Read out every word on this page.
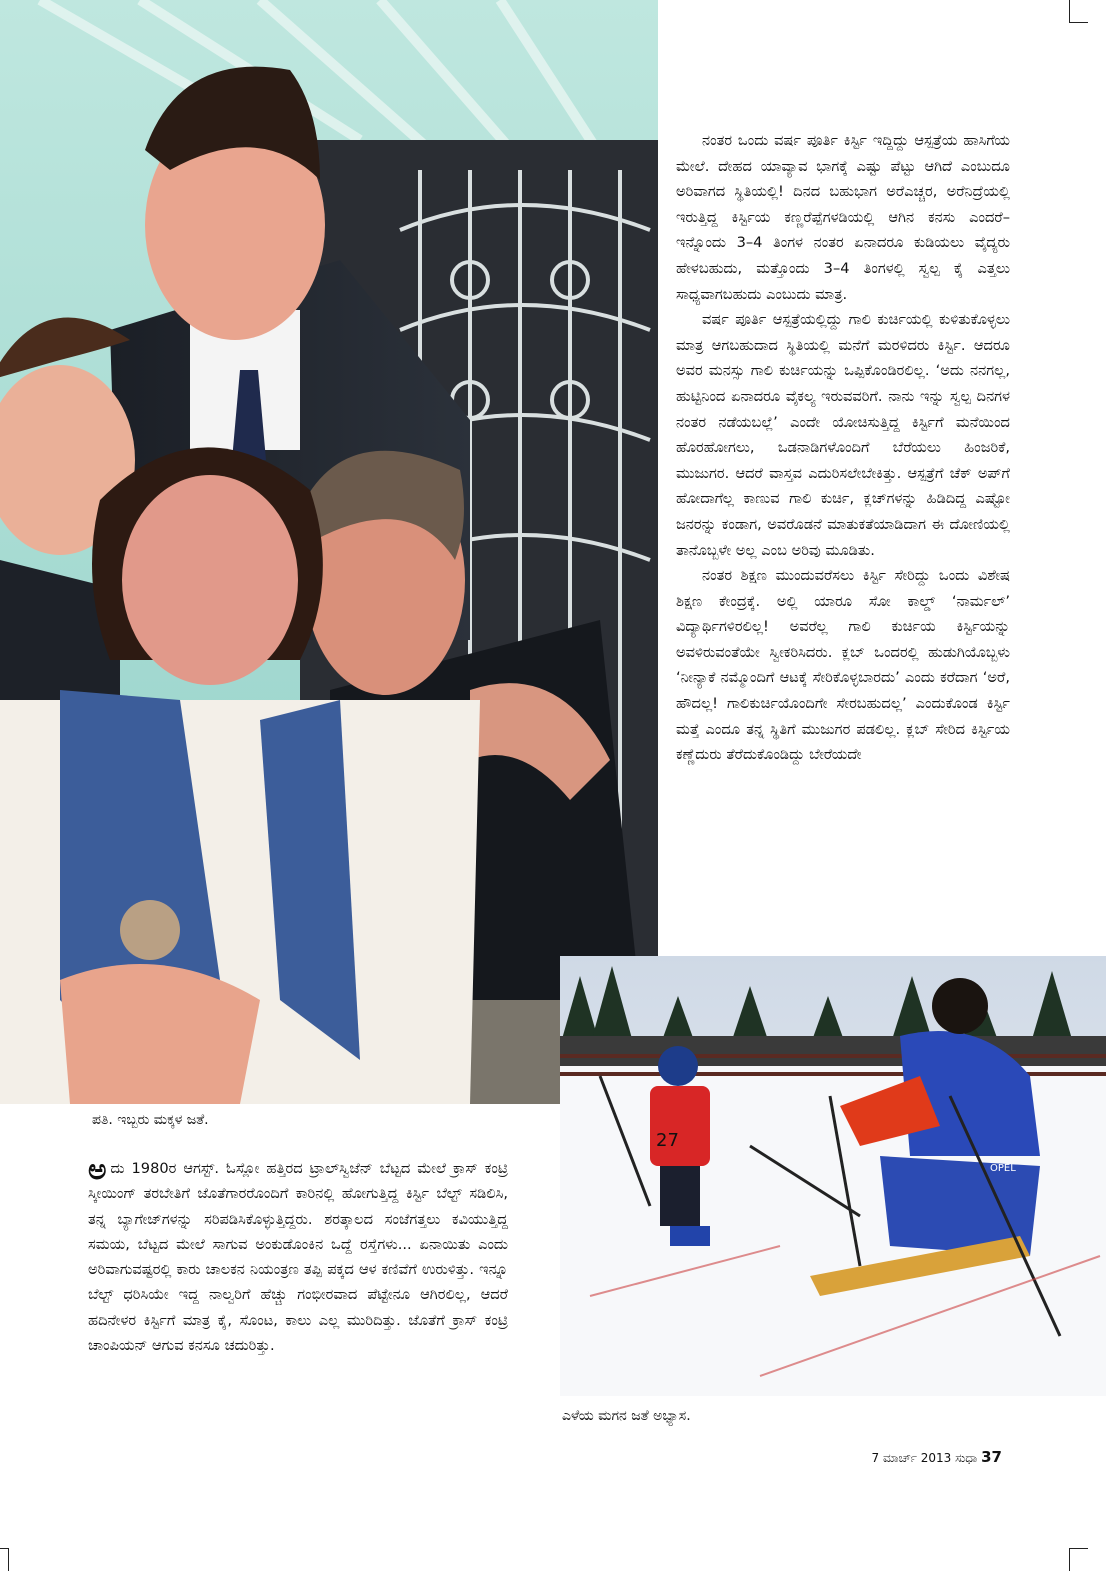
ನಂತರ ಒಂದು ವರ್ಷ ಪೂರ್ತಿ ಕಿರ್ಸ್ಟಿ ಇದ್ದಿದ್ದು ಆಸ್ಪತ್ರೆಯ ಹಾಸಿಗೆಯ ಮೇಲೆ. ದೇಹದ ಯಾವ್ಯಾವ ಭಾಗಕ್ಕೆ ಎಷ್ಟು ಪೆಟ್ಟು ಆಗಿದೆ ಎಂಬುದೂ ಅರಿವಾಗದ ಸ್ಥಿತಿಯಲ್ಲಿ! ದಿನದ ಬಹುಭಾಗ ಅರೆಎಚ್ಚರ, ಅರೆನಿದ್ರೆಯಲ್ಲಿ ಇರುತ್ತಿದ್ದ ಕಿರ್ಸ್ಟಿಯ ಕಣ್ಣರೆಪ್ಪೆಗಳಡಿಯಲ್ಲಿ ಆಗಿನ ಕನಸು ಎಂದರೆ– ಇನ್ನೊಂದು 3–4 ತಿಂಗಳ ನಂತರ ಏನಾದರೂ ಕುಡಿಯಲು ವೈದ್ಯರು ಹೇಳಬಹುದು, ಮತ್ತೊಂದು 3–4 ತಿಂಗಳಲ್ಲಿ ಸ್ವಲ್ಪ ಕೈ ಎತ್ತಲು ಸಾಧ್ಯವಾಗಬಹುದು ಎಂಬುದು ಮಾತ್ರ.

ವರ್ಷ ಪೂರ್ತಿ ಆಸ್ಪತ್ರೆಯಲ್ಲಿದ್ದು ಗಾಲಿ ಕುರ್ಚಿಯಲ್ಲಿ ಕುಳಿತುಕೊಳ್ಳಲು ಮಾತ್ರ ಆಗಬಹುದಾದ ಸ್ಥಿತಿಯಲ್ಲಿ ಮನೆಗೆ ಮರಳಿದರು ಕಿರ್ಸ್ಟಿ. ಆದರೂ ಅವರ ಮನಸ್ಸು ಗಾಲಿ ಕುರ್ಚಿಯನ್ನು ಒಪ್ಪಿಕೊಂಡಿರಲಿಲ್ಲ. ‘ಅದು ನನಗಲ್ಲ, ಹುಟ್ಟಿನಿಂದ ಏನಾದರೂ ವೈಕಲ್ಯ ಇರುವವರಿಗೆ. ನಾನು ಇನ್ನು ಸ್ವಲ್ಪ ದಿನಗಳ ನಂತರ ನಡೆಯಬಲ್ಲೆ’ ಎಂದೇ ಯೋಚಿಸುತ್ತಿದ್ದ ಕಿರ್ಸ್ಟಿಗೆ ಮನೆಯಿಂದ ಹೊರಹೋಗಲು, ಒಡನಾಡಿಗಳೊಂದಿಗೆ ಬೆರೆಯಲು ಹಿಂಜರಿಕೆ, ಮುಜುಗರ. ಆದರೆ ವಾಸ್ತವ ಎದುರಿಸಲೇಬೇಕಿತ್ತು. ಆಸ್ಪತ್ರೆಗೆ ಚೆಕ್ ಅಪ್‌ಗೆ ಹೋದಾಗೆಲ್ಲ ಕಾಣುವ ಗಾಲಿ ಕುರ್ಚಿ, ಕ್ಲಚ್‌ಗಳನ್ನು ಹಿಡಿದಿದ್ದ ಎಷ್ಟೋ ಜನರನ್ನು ಕಂಡಾಗ, ಅವರೊಡನೆ ಮಾತುಕತೆಯಾಡಿದಾಗ ಈ ದೋಣಿಯಲ್ಲಿ ತಾನೊಬ್ಬಳೇ ಅಲ್ಲ ಎಂಬ ಅರಿವು ಮೂಡಿತು.

ನಂತರ ಶಿಕ್ಷಣ ಮುಂದುವರೆಸಲು ಕಿರ್ಸ್ಟಿ ಸೇರಿದ್ದು ಒಂದು ವಿಶೇಷ ಶಿಕ್ಷಣ ಕೇಂದ್ರಕ್ಕೆ. ಅಲ್ಲಿ ಯಾರೂ ಸೋ ಕಾಲ್ಡ್ ‘ನಾರ್ಮಲ್’ ವಿದ್ಯಾರ್ಥಿಗಳಿರಲಿಲ್ಲ! ಅವರೆಲ್ಲ ಗಾಲಿ ಕುರ್ಚಿಯ ಕಿರ್ಸ್ಟಿಯನ್ನು ಅವಳಿರುವಂತೆಯೇ ಸ್ವೀಕರಿಸಿದರು. ಕ್ಲಬ್ ಒಂದರಲ್ಲಿ ಹುಡುಗಿಯೊಬ್ಬಳು ‘ನೀನ್ಯಾಕೆ ನಮ್ಮೊಂದಿಗೆ ಆಟಕ್ಕೆ ಸೇರಿಕೊಳ್ಳಬಾರದು’ ಎಂದು ಕರೆದಾಗ ‘ಅರೆ, ಹೌದಲ್ಲ! ಗಾಲಿಕುರ್ಚಿಯೊಂದಿಗೇ ಸೇರಬಹುದಲ್ಲ’ ಎಂದುಕೊಂಡ ಕಿರ್ಸ್ಟಿ ಮತ್ತೆ ಎಂದೂ ತನ್ನ ಸ್ಥಿತಿಗೆ ಮುಜುಗರ ಪಡಲಿಲ್ಲ. ಕ್ಲಬ್ ಸೇರಿದ ಕಿರ್ಸ್ಟಿಯ ಕಣ್ಣೆದುರು ತೆರೆದುಕೊಂಡಿದ್ದು ಬೇರೆಯದೇ

27
OPEL
ಪತಿ. ಇಬ್ಬರು ಮಕ್ಕಳ ಜತೆ.
ಎಳೆಯ ಮಗನ ಜತೆ ಅಭ್ಯಾಸ.

ಅದು 1980ರ ಆಗಸ್ಟ್. ಓಸ್ಲೋ ಹತ್ತಿರದ ಟ್ರಾಲ್‌ಸ್ವಿಜೆನ್ ಬೆಟ್ಟದ ಮೇಲೆ ಕ್ರಾಸ್ ಕಂಟ್ರಿ ಸ್ಕೀಯಿಂಗ್ ತರಬೇತಿಗೆ ಜೊತೆಗಾರರೊಂದಿಗೆ ಕಾರಿನಲ್ಲಿ ಹೋಗುತ್ತಿದ್ದ ಕಿರ್ಸ್ಟಿ ಬೆಲ್ಟ್ ಸಡಿಲಿಸಿ, ತನ್ನ ಬ್ಯಾಗೇಜ್‌ಗಳನ್ನು ಸರಿಪಡಿಸಿಕೊಳ್ಳುತ್ತಿದ್ದರು. ಶರತ್ಕಾಲದ ಸಂಜೆಗತ್ತಲು ಕವಿಯುತ್ತಿದ್ದ ಸಮಯ, ಬೆಟ್ಟದ ಮೇಲೆ ಸಾಗುವ ಅಂಕುಡೊಂಕಿನ ಒದ್ದೆ ರಸ್ತೆಗಳು... ಏನಾಯಿತು ಎಂದು ಅರಿವಾಗುವಷ್ಟರಲ್ಲಿ ಕಾರು ಚಾಲಕನ ನಿಯಂತ್ರಣ ತಪ್ಪಿ ಪಕ್ಕದ ಆಳ ಕಣಿವೆಗೆ ಉರುಳಿತ್ತು. ಇನ್ನೂ ಬೆಲ್ಟ್ ಧರಿಸಿಯೇ ಇದ್ದ ನಾಲ್ವರಿಗೆ ಹೆಚ್ಚು ಗಂಭೀರವಾದ ಪೆಟ್ಟೇನೂ ಆಗಿರಲಿಲ್ಲ, ಆದರೆ ಹದಿನೇಳರ ಕಿರ್ಸ್ಟಿಗೆ ಮಾತ್ರ ಕೈ, ಸೊಂಟ, ಕಾಲು ಎಲ್ಲ ಮುರಿದಿತ್ತು. ಜೊತೆಗೆ ಕ್ರಾಸ್ ಕಂಟ್ರಿ ಚಾಂಪಿಯನ್ ಆಗುವ ಕನಸೂ ಚದುರಿತ್ತು.

7 ಮಾರ್ಚ್ 2013 ಸುಧಾ 37
